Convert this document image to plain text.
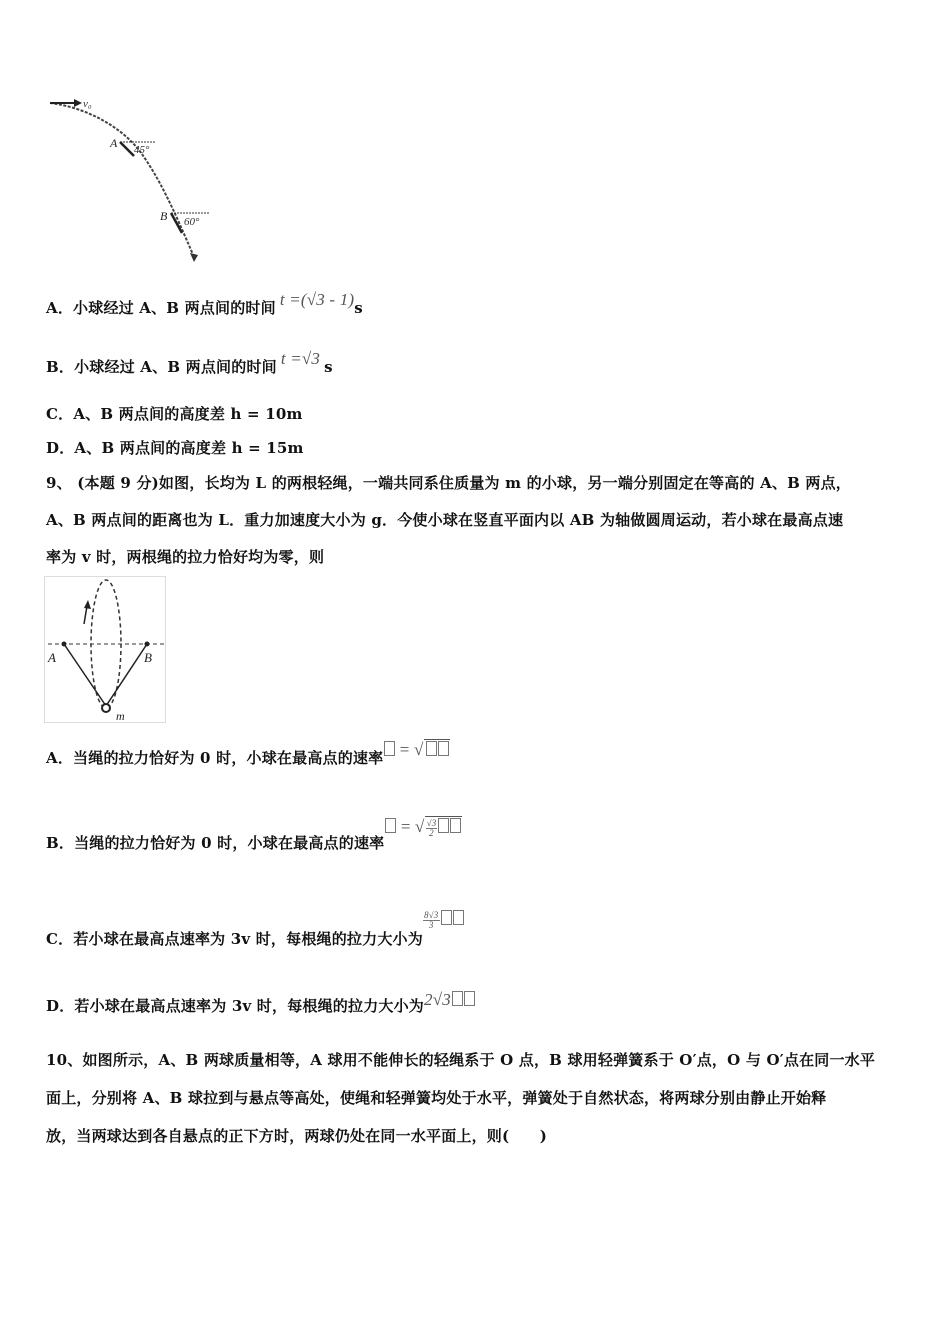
v₀
A 45°
B 60°
A．小球经过 A、B 两点间的时间 t =(√3 - 1)s
B．小球经过 A、B 两点间的时间 t =√3 s
C．A、B 两点间的高度差 h = 10m
D．A、B 两点间的高度差 h = 15m
9、 (本题 9 分)如图，长均为 L 的两根轻绳，一端共同系住质量为 m 的小球，另一端分别固定在等高的 A、B 两点，
A、B 两点间的距离也为 L．重力加速度大小为 g．今使小球在竖直平面内以 AB 为轴做圆周运动，若小球在最高点速
率为 v 时，两根绳的拉力恰好均为零，则
A	B
m
A．当绳的拉力恰好为 0 时，小球在最高点的速率 = √
B．当绳的拉力恰好为 0 时，小球在最高点的速率 = $√\frac{√3}{2}$
C．若小球在最高点速率为 3v 时，每根绳的拉力大小为$\frac{8√3}{3}$
D．若小球在最高点速率为 3v 时，每根绳的拉力大小为2√3
10、如图所示，A、B 两球质量相等，A 球用不能伸长的轻绳系于 O 点，B 球用轻弹簧系于 O′点，O 与 O′点在同一水平
面上，分别将 A、B 球拉到与悬点等高处，使绳和轻弹簧均处于水平，弹簧处于自然状态，将两球分别由静止开始释
放，当两球达到各自悬点的正下方时，两球仍处在同一水平面上，则(　　)
